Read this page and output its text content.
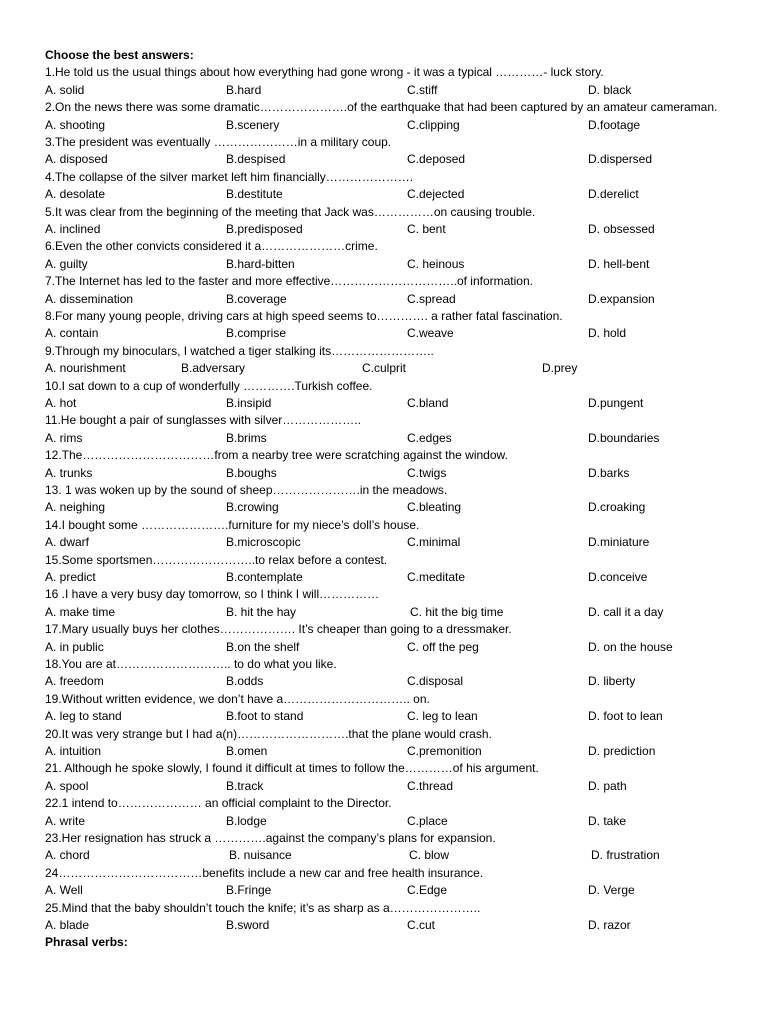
Choose the best answers:
1.He told us the usual things about how everything had gone wrong - it was a typical …………- luck story.
A. solid	B.hard	C.stiff	D. black
2.On the news there was some dramatic………………….of the earthquake that had been captured by an amateur cameraman.
A. shooting	B.scenery	C.clipping	D.footage
3.The president was eventually …………………in a military coup.
A. disposed	B.despised	C.deposed	D.dispersed
4.The collapse of the silver market left him financially………………….
A. desolate	B.destitute	C.dejected	D.derelict
5.It was clear from the beginning of the meeting that Jack was……………on causing trouble.
A. inclined	B.predisposed	C. bent	D. obsessed
6.Even the other convicts considered it a…………………crime.
A. guilty	B.hard-bitten	C. heinous	D. hell-bent
7.The Internet has led to the faster and more effective…………………………..of information.
A. dissemination	B.coverage	C.spread	D.expansion
8.For many young people, driving cars at high speed seems to…………. a rather fatal fascination.
A. contain	B.comprise	C.weave	D. hold
9.Through my binoculars, I watched a tiger stalking its……………………..
A. nourishment	B.adversary	C.culprit	D.prey
10.I sat down to a cup of wonderfully ………….Turkish coffee.
A. hot	B.insipid	C.bland	D.pungent
11.He bought a pair of sunglasses with silver………………..
A. rims	B.brims	C.edges	D.boundaries
12.The……………………………from a nearby tree were scratching against the window.
A. trunks	B.boughs	C.twigs	D.barks
13. 1 was woken up by the sound of sheep………………….in the meadows.
A. neighing	B.crowing	C.bleating	D.croaking
14.I bought some ………………….furniture for my niece’s doll’s house.
A. dwarf	B.microscopic	C.minimal	D.miniature
15.Some sportsmen……………………..to relax before a contest.
A. predict	B.contemplate	C.meditate	D.conceive
16 .I have a very busy day tomorrow, so I think I will……………
A. make time	B. hit the hay	C. hit the big time	D. call it a day
17.Mary usually buys her clothes………………. It’s cheaper than going to a dressmaker.
A. in public	B.on the shelf	C. off the peg	D. on the house
18.You are at……………………….. to do what you like.
A. freedom	B.odds	C.disposal	D. liberty
19.Without written evidence, we don’t have a………………………….. on.
A. leg to stand	B.foot to stand	C. leg to lean	D. foot to lean
20.It was very strange but I had a(n)……………………….that the plane would crash.
A. intuition	B.omen	C.premonition	D. prediction
21. Although he spoke slowly, I found it difficult at times to follow the…………of his argument.
A. spool	B.track	C.thread	D. path
22.1 intend to………………… an official complaint to the Director.
A. write	B.lodge	C.place	D. take
23.Her resignation has struck a ………….against the company’s plans for expansion.
A. chord	B. nuisance	C. blow	D. frustration
24………………………………benefits include a new car and free health insurance.
A. Well	B.Fringe	C.Edge	D. Verge
25.Mind that the baby shouldn’t touch the knife; it’s as sharp as a…………………..
A. blade	B.sword	C.cut	D. razor
Phrasal verbs:
